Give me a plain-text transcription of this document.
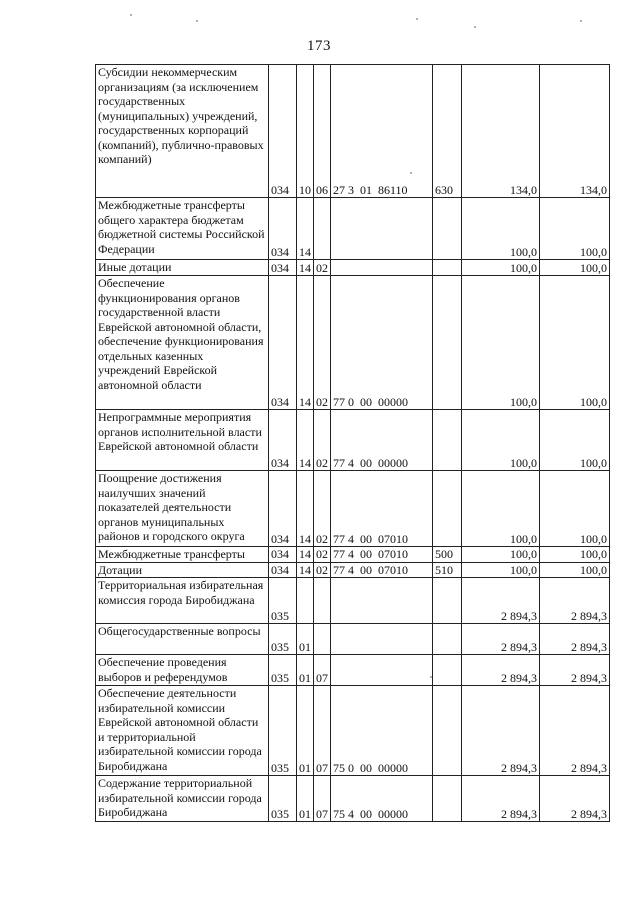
173
Субсидии некоммерческим организациям (за исключением государственных (муниципальных) учреждений, государственных корпораций (компаний), публично-правовых компаний)	034	10	06	27 3  01  86110	630	134,0	134,0

Межбюджетные трансферты общего характера бюджетам бюджетной системы Российской Федерации	034	14				100,0	100,0

Иные дотации	034	14	02			100,0	100,0

Обеспечение функционирования органов государственной власти Еврейской автономной области, обеспечение функционирования отдельных казенных учреждений Еврейской автономной области	034	14	02	77 0  00  00000		100,0	100,0

Непрограммные мероприятия органов исполнительной власти Еврейской автономной области	034	14	02	77 4  00  00000		100,0	100,0

Поощрение достижения наилучших значений показателей деятельности органов муниципальных районов и городского округа	034	14	02	77 4  00  07010		100,0	100,0

Межбюджетные трансферты	034	14	02	77 4  00  07010	500	100,0	100,0

Дотации	034	14	02	77 4  00  07010	510	100,0	100,0

Территориальная избирательная комиссия города Биробиджана	035					2 894,3	2 894,3

Общегосударственные вопросы	035	01				2 894,3	2 894,3

Обеспечение проведения выборов и референдумов	035	01	07			2 894,3	2 894,3

Обеспечение деятельности избирательной комиссии Еврейской автономной области и территориальной избирательной комиссии города Биробиджана	035	01	07	75 0  00  00000		2 894,3	2 894,3

Содержание территориальной избирательной комиссии города Биробиджана	035	01	07	75 4  00  00000		2 894,3	2 894,3
